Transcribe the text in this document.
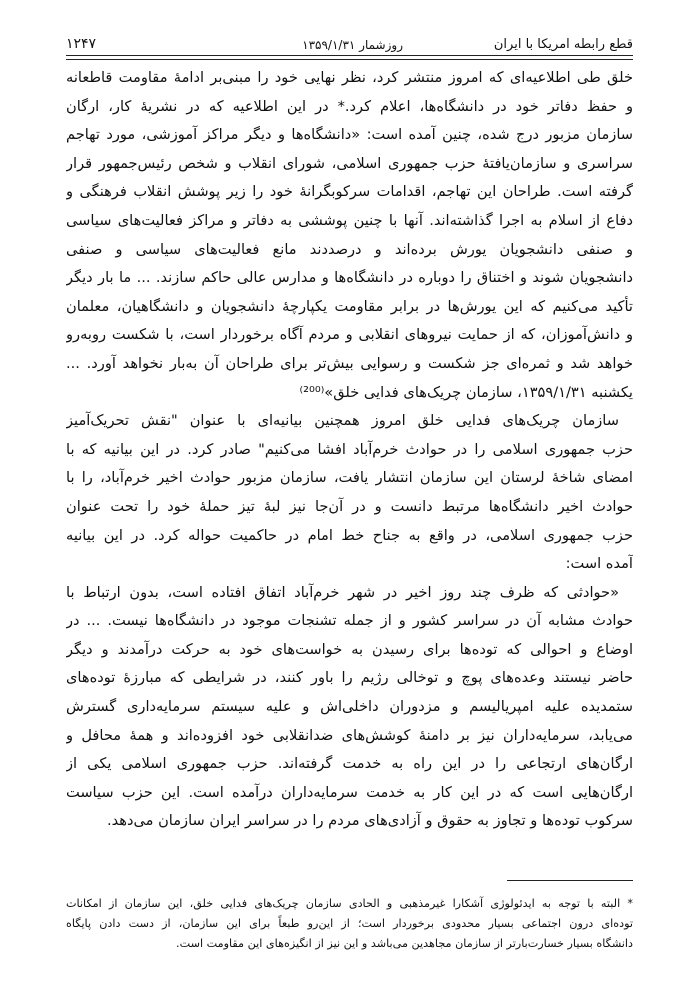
قطع رابطه امریکا با ایران
روزشمار ۱۳۵۹/۱/۳۱
۱۲۴۷
خلق طی اطلاعیه‌ای که امروز منتشر کرد، نظر نهایی خود را مبنی‌بر ادامهٔ مقاومت قاطعانه
و حفظ دفاتر خود در دانشگاه‌ها، اعلام کرد.* در این اطلاعیه که در نشریهٔ کار، ارگان
سازمان مزبور درج شده، چنین آمده است: «دانشگاه‌ها و دیگر مراکز آموزشی، مورد تهاجم
سراسری و سازمان‌یافتهٔ حزب جمهوری اسلامی، شورای انقلاب و شخص رئیس‌جمهور قرار
گرفته است. طراحان این تهاجم، اقدامات سرکوبگرانهٔ خود را زیر پوشش انقلاب فرهنگی و
دفاع از اسلام به اجرا گذاشته‌اند. آنها با چنین پوششی به دفاتر و مراکز فعالیت‌های سیاسی
و صنفی دانشجویان یورش برده‌اند و درصددند مانع فعالیت‌های سیاسی و صنفی
دانشجویان شوند و اختناق را دوباره در دانشگاه‌ها و مدارس عالی حاکم سازند. ... ما بار دیگر
تأکید می‌کنیم که این یورش‌ها در برابر مقاومت یکپارچهٔ دانشجویان و دانشگاهیان، معلمان
و دانش‌آموزان، که از حمایت نیروهای انقلابی و مردم آگاه برخوردار است، با شکست روبه‌رو
خواهد شد و ثمره‌ای جز شکست و رسوایی بیش‌تر برای طراحان آن به‌بار نخواهد آورد. ...
یکشنبه ۱۳۵۹/۱/۳۱، سازمان چریک‌های فدایی خلق»⁽²⁰⁰⁾
سازمان چریک‌های فدایی خلق امروز همچنین بیانیه‌ای با عنوان "نقش تحریک‌آمیز
حزب جمهوری اسلامی را در حوادث خرم‌آباد افشا می‌کنیم" صادر کرد. در این بیانیه که با
امضای شاخهٔ لرستان این سازمان انتشار یافت، سازمان مزبور حوادث اخیر خرم‌آباد، را با
حوادث اخیر دانشگاه‌ها مرتبط دانست و در آن‌جا نیز لبهٔ تیز حملهٔ خود را تحت عنوان
حزب جمهوری اسلامی، در واقع به جناح خط امام در حاکمیت حواله کرد. در این بیانیه
آمده است:
«حوادثی که ظرف چند روز اخیر در شهر خرم‌آباد اتفاق افتاده است، بدون ارتباط با
حوادث مشابه آن در سراسر کشور و از جمله تشنجات موجود در دانشگاه‌ها نیست. ... در
اوضاع و احوالی که توده‌ها برای رسیدن به خواست‌های خود به حرکت درآمدند و دیگر
حاضر نیستند وعده‌های پوچ و توخالی رژیم را باور کنند، در شرایطی که مبارزهٔ توده‌های
ستمدیده علیه امپریالیسم و مزدوران داخلی‌اش و علیه سیستم سرمایه‌داری گسترش
می‌یابد، سرمایه‌داران نیز بر دامنهٔ کوشش‌های ضدانقلابی خود افزوده‌اند و همهٔ محافل و
ارگان‌های ارتجاعی را در این راه به خدمت گرفته‌اند. حزب جمهوری اسلامی یکی از
ارگان‌هایی است که در این کار به خدمت سرمایه‌داران درآمده است. این حزب سیاست
سرکوب توده‌ها و تجاوز به حقوق و آزادی‌های مردم را در سراسر ایران سازمان می‌دهد.
* البته با توجه به ایدئولوژی آشکارا غیرمذهبی و الحادی سازمان چریک‌های فدایی خلق، این سازمان از امکانات
توده‌ای درون اجتماعی بسیار محدودی برخوردار است؛ از این‌رو طبعاً برای این سازمان، از دست دادن پایگاه
دانشگاه بسیار خسارت‌بارتر از سازمان مجاهدین می‌باشد و این نیز از انگیزه‌های این مقاومت است.
